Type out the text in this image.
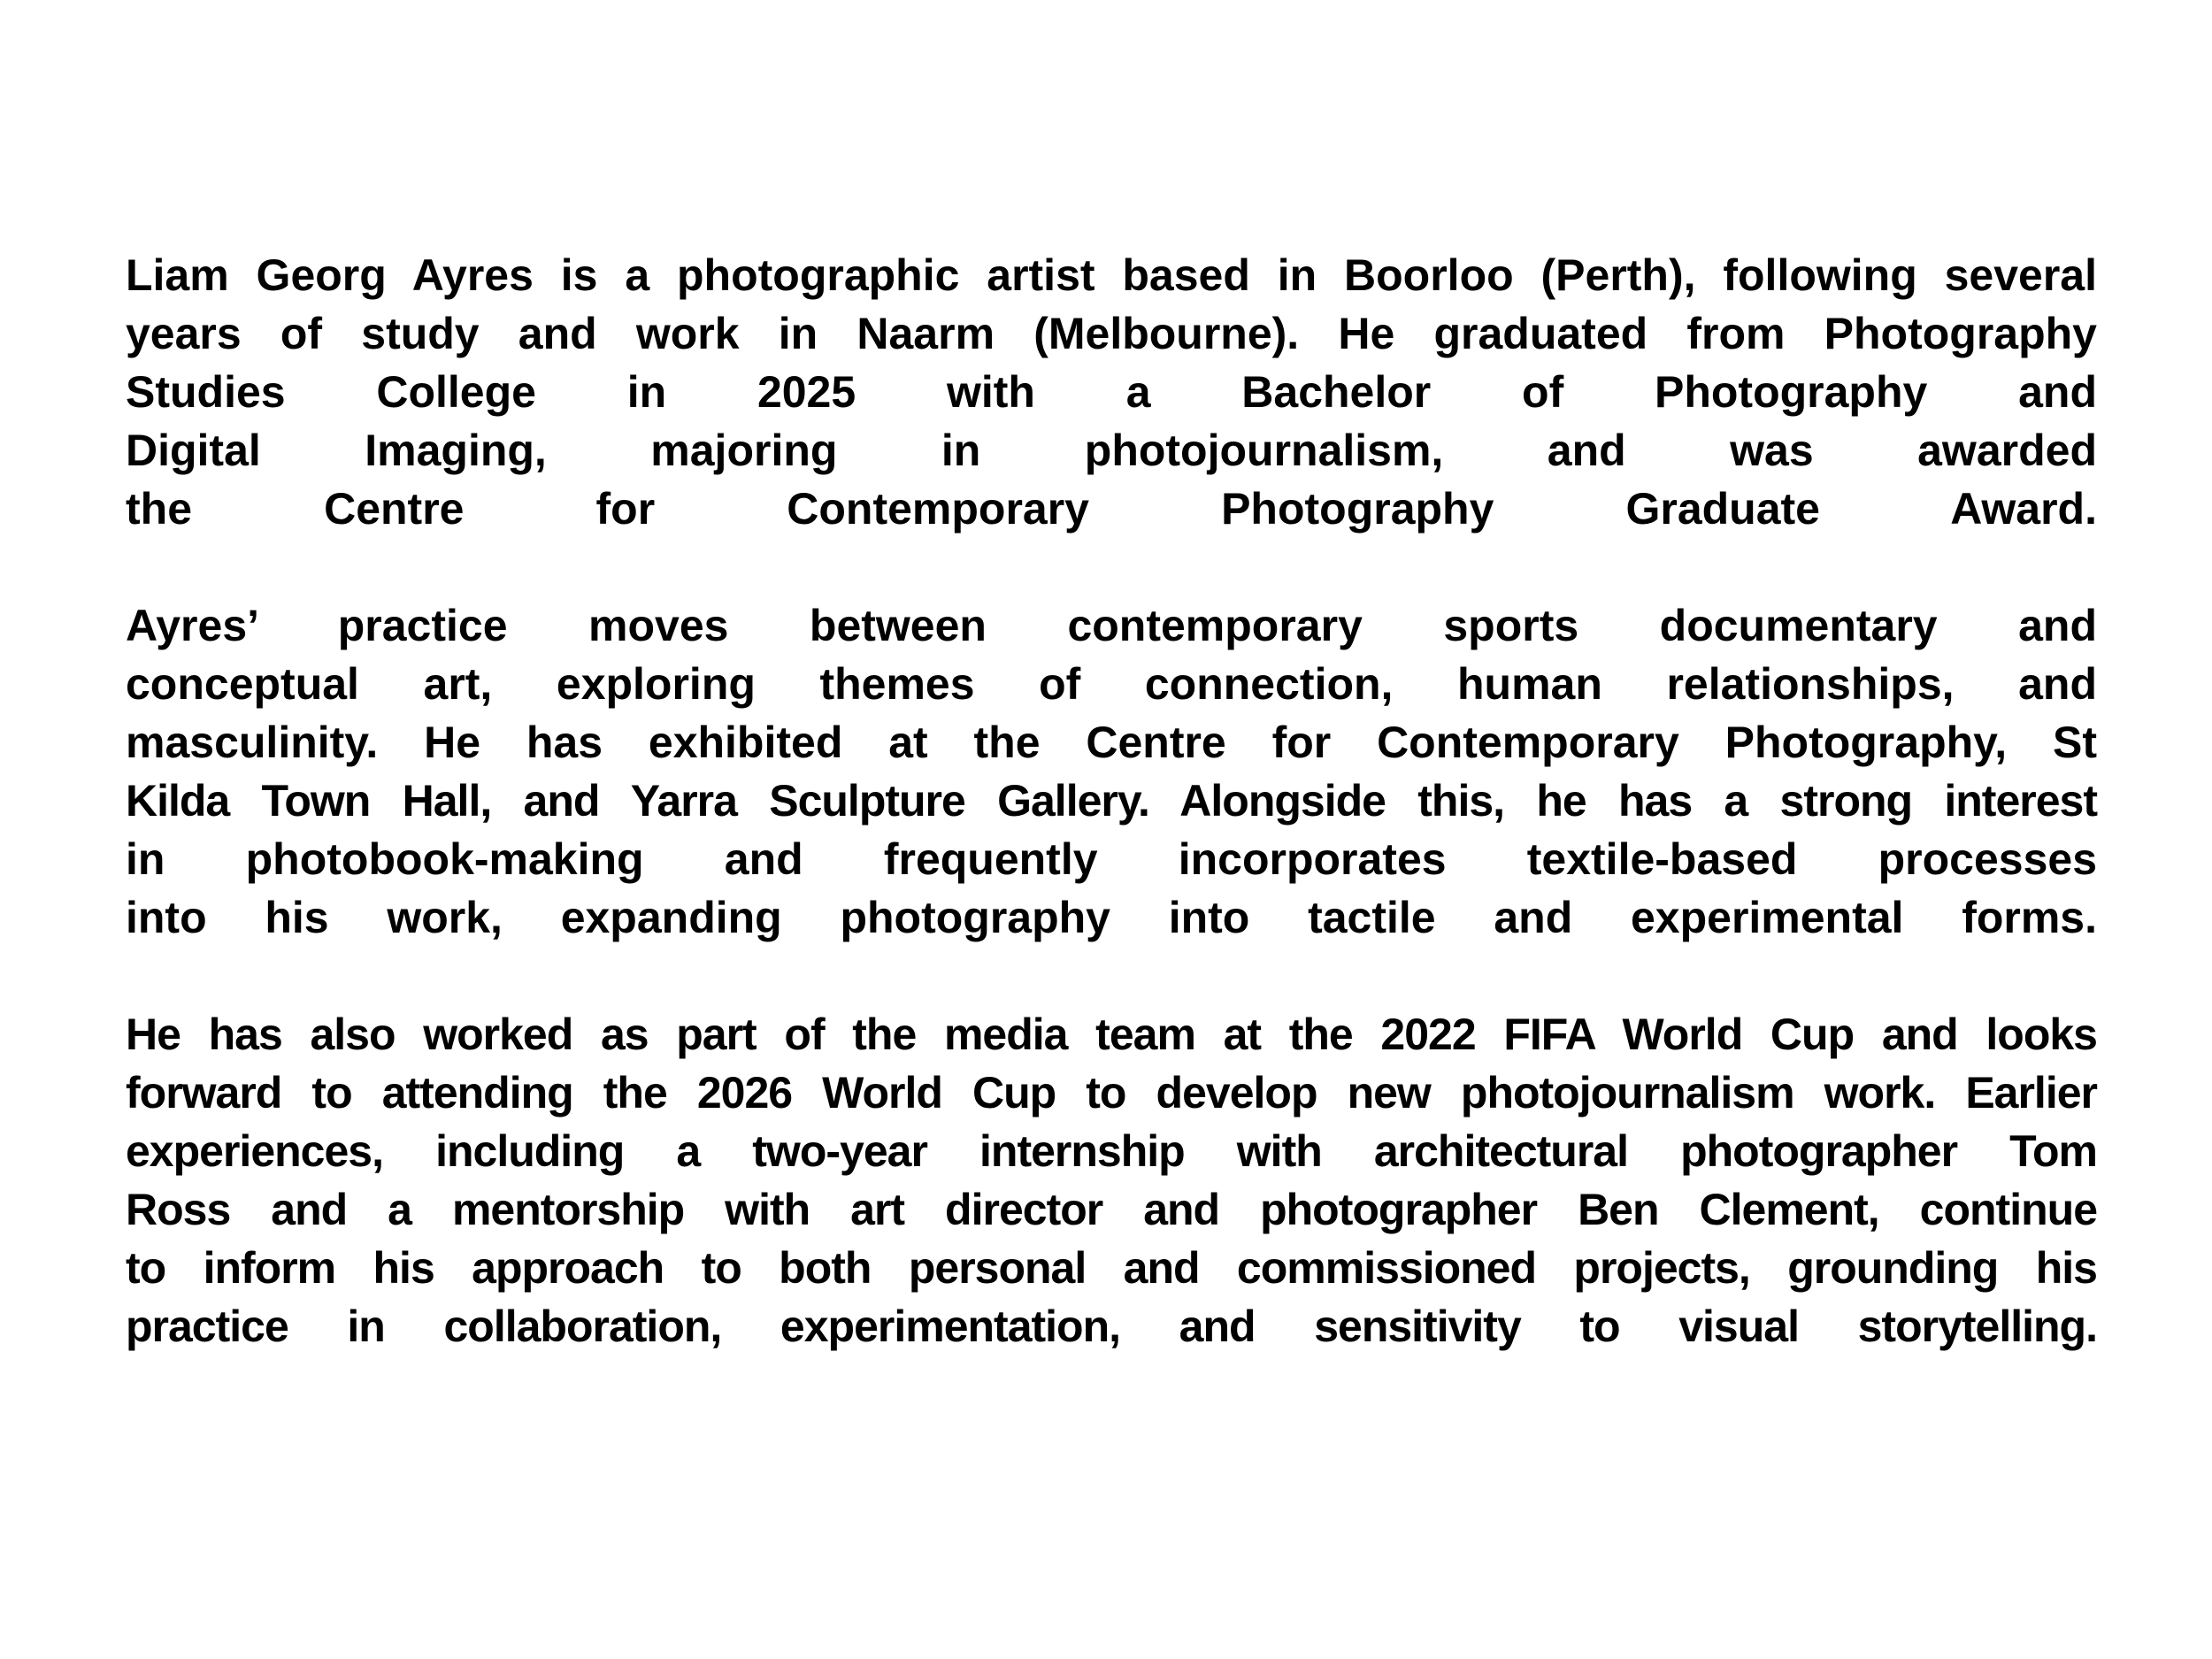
Liam Georg Ayres is a photographic artist based in Boorloo (Perth), following several
years of study and work in Naarm (Melbourne). He graduated from Photography
Studies College in 2025 with a Bachelor of Photography and
Digital Imaging, majoring in photojournalism, and was awarded
the Centre for Contemporary Photography Graduate Award.

Ayres’ practice moves between contemporary sports documentary and
conceptual art, exploring themes of connection, human relationships, and
masculinity. He has exhibited at the Centre for Contemporary Photography, St
Kilda Town Hall, and Yarra Sculpture Gallery. Alongside this, he has a strong interest
in photobook-making and frequently incorporates textile-based processes
into his work, expanding photography into tactile and experimental forms.

He has also worked as part of the media team at the 2022 FIFA World Cup and looks
forward to attending the 2026 World Cup to develop new photojournalism work. Earlier
experiences, including a two-year internship with architectural photographer Tom
Ross and a mentorship with art director and photographer Ben Clement, continue
to inform his approach to both personal and commissioned projects, grounding his
practice in collaboration, experimentation, and sensitivity to visual storytelling.
